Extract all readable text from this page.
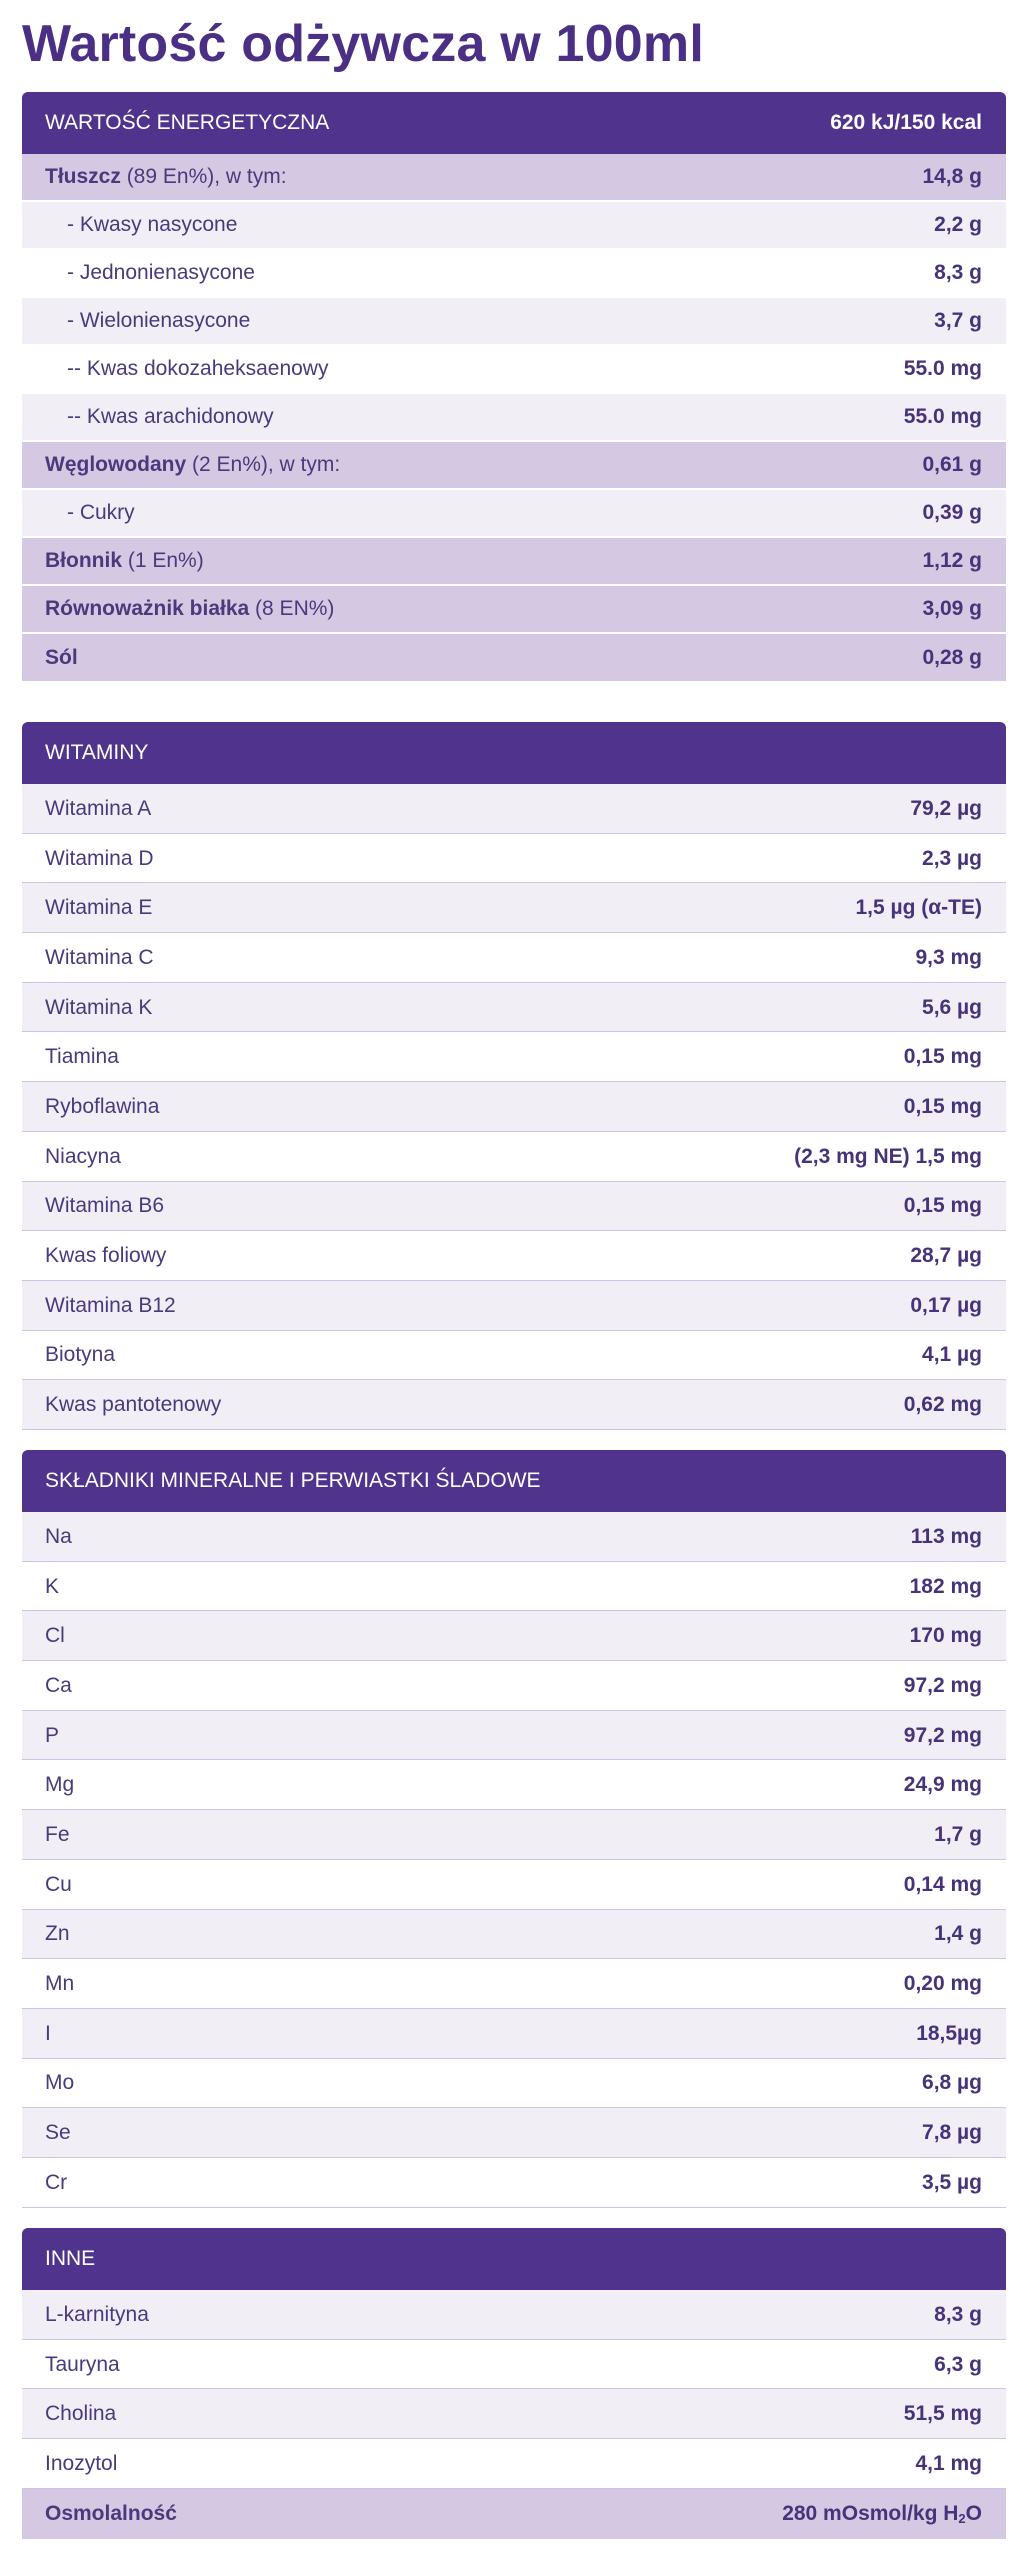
Wartość odżywcza w 100ml
WARTOŚĆ ENERGETYCZNA	620 kJ/150 kcal
Tłuszcz (89 En%), w tym:	14,8 g
- Kwasy nasycone	2,2 g
- Jednonienasycone	8,3 g
- Wielonienasycone	3,7 g
-- Kwas dokozaheksaenowy	55.0 mg
-- Kwas arachidonowy	55.0 mg
Węglowodany (2 En%), w tym:	0,61 g
- Cukry	0,39 g
Błonnik (1 En%)	1,12 g
Równoważnik białka (8 EN%)	3,09 g
Sól	0,28 g
WITAMINY
Witamina A	79,2 µg
Witamina D	2,3 µg
Witamina E	1,5 µg (α-TE)
Witamina C	9,3 mg
Witamina K	5,6 µg
Tiamina	0,15 mg
Ryboflawina	0,15 mg
Niacyna	(2,3 mg NE) 1,5 mg
Witamina B6	0,15 mg
Kwas foliowy	28,7 µg
Witamina B12	0,17 µg
Biotyna	4,1 µg
Kwas pantotenowy	0,62 mg
SKŁADNIKI MINERALNE I PERWIASTKI ŚLADOWE
Na	113 mg
K	182 mg
Cl	170 mg
Ca	97,2 mg
P	97,2 mg
Mg	24,9 mg
Fe	1,7 g
Cu	0,14 mg
Zn	1,4 g
Mn	0,20 mg
I	18,5µg
Mo	6,8 µg
Se	7,8 µg
Cr	3,5 µg
INNE
L-karnityna	8,3 g
Tauryna	6,3 g
Cholina	51,5 mg
Inozytol	4,1 mg
Osmolalność	280 mOsmol/kg $H_2O$
